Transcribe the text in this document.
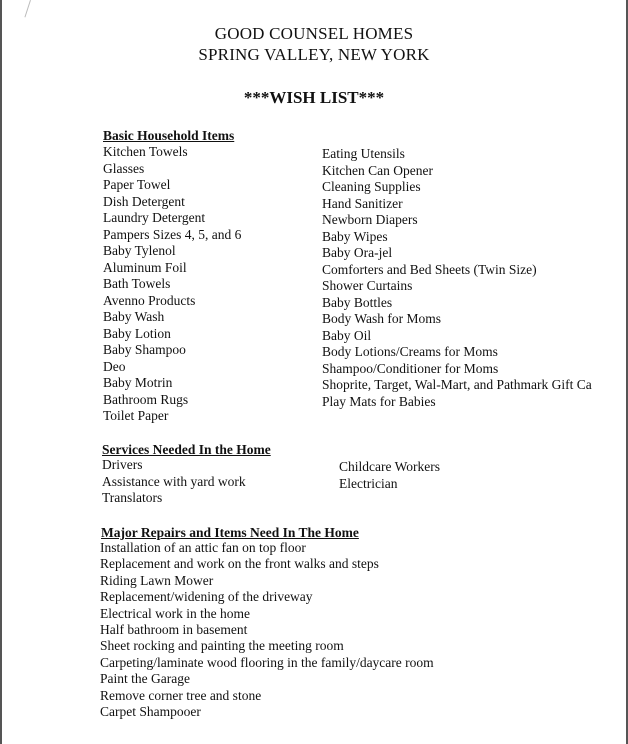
GOOD COUNSEL HOMES
SPRING VALLEY, NEW YORK
***WISH LIST***
Basic Household Items
Kitchen Towels
Glasses
Paper Towel
Dish Detergent
Laundry Detergent
Pampers Sizes 4, 5, and 6
Baby Tylenol
Aluminum Foil
Bath Towels
Avenno Products
Baby Wash
Baby Lotion
Baby Shampoo
Deo
Baby Motrin
Bathroom Rugs
Toilet Paper
Eating Utensils
Kitchen Can Opener
Cleaning Supplies
Hand Sanitizer
Newborn Diapers
Baby Wipes
Baby Ora-jel
Comforters and Bed Sheets (Twin Size)
Shower Curtains
Baby Bottles
Body Wash for Moms
Baby Oil
Body Lotions/Creams for Moms
Shampoo/Conditioner for Moms
Shoprite, Target, Wal-Mart, and Pathmark Gift Ca
Play Mats for Babies
Services Needed In the Home
Drivers
Assistance with yard work
Translators
Childcare Workers
Electrician
Major Repairs and Items Need In The Home
Installation of an attic fan on top floor
Replacement and work on the front walks and steps
Riding Lawn Mower
Replacement/widening of the driveway
Electrical work in the home
Half bathroom in basement
Sheet rocking and painting the meeting room
Carpeting/laminate wood flooring in the family/daycare room
Paint the Garage
Remove corner tree and stone
Carpet Shampooer
